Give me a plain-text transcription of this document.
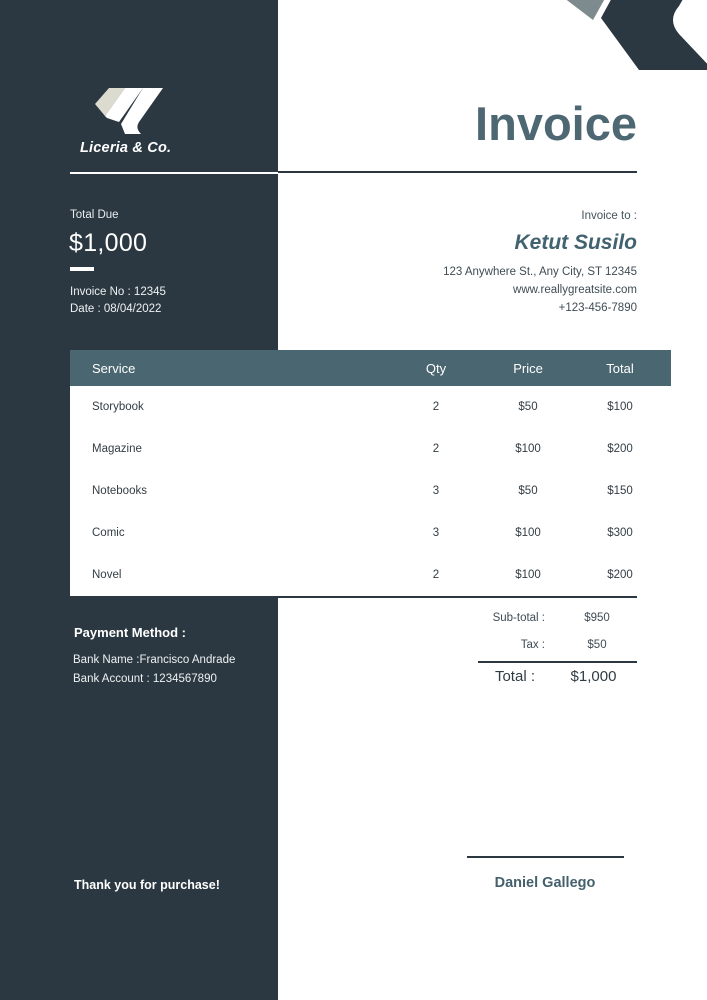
Liceria & Co.	Invoice
Total Due
$1,000
Invoice No : 12345
Date : 08/04/2022
Invoice to :
Ketut Susilo
123 Anywhere St., Any City, ST 12345
www.reallygreatsite.com
+123-456-7890
Service	Qty	Price	Total
Storybook	2	$50	$100
Magazine	2	$100	$200
Notebooks	3	$50	$150
Comic	3	$100	$300
Novel	2	$100	$200
Payment Method :
Bank Name :Francisco Andrade
Bank Account : 1234567890
Sub-total :	$950
Tax :	$50
Total :	$1,000
Thank you for purchase!	Daniel Gallego
